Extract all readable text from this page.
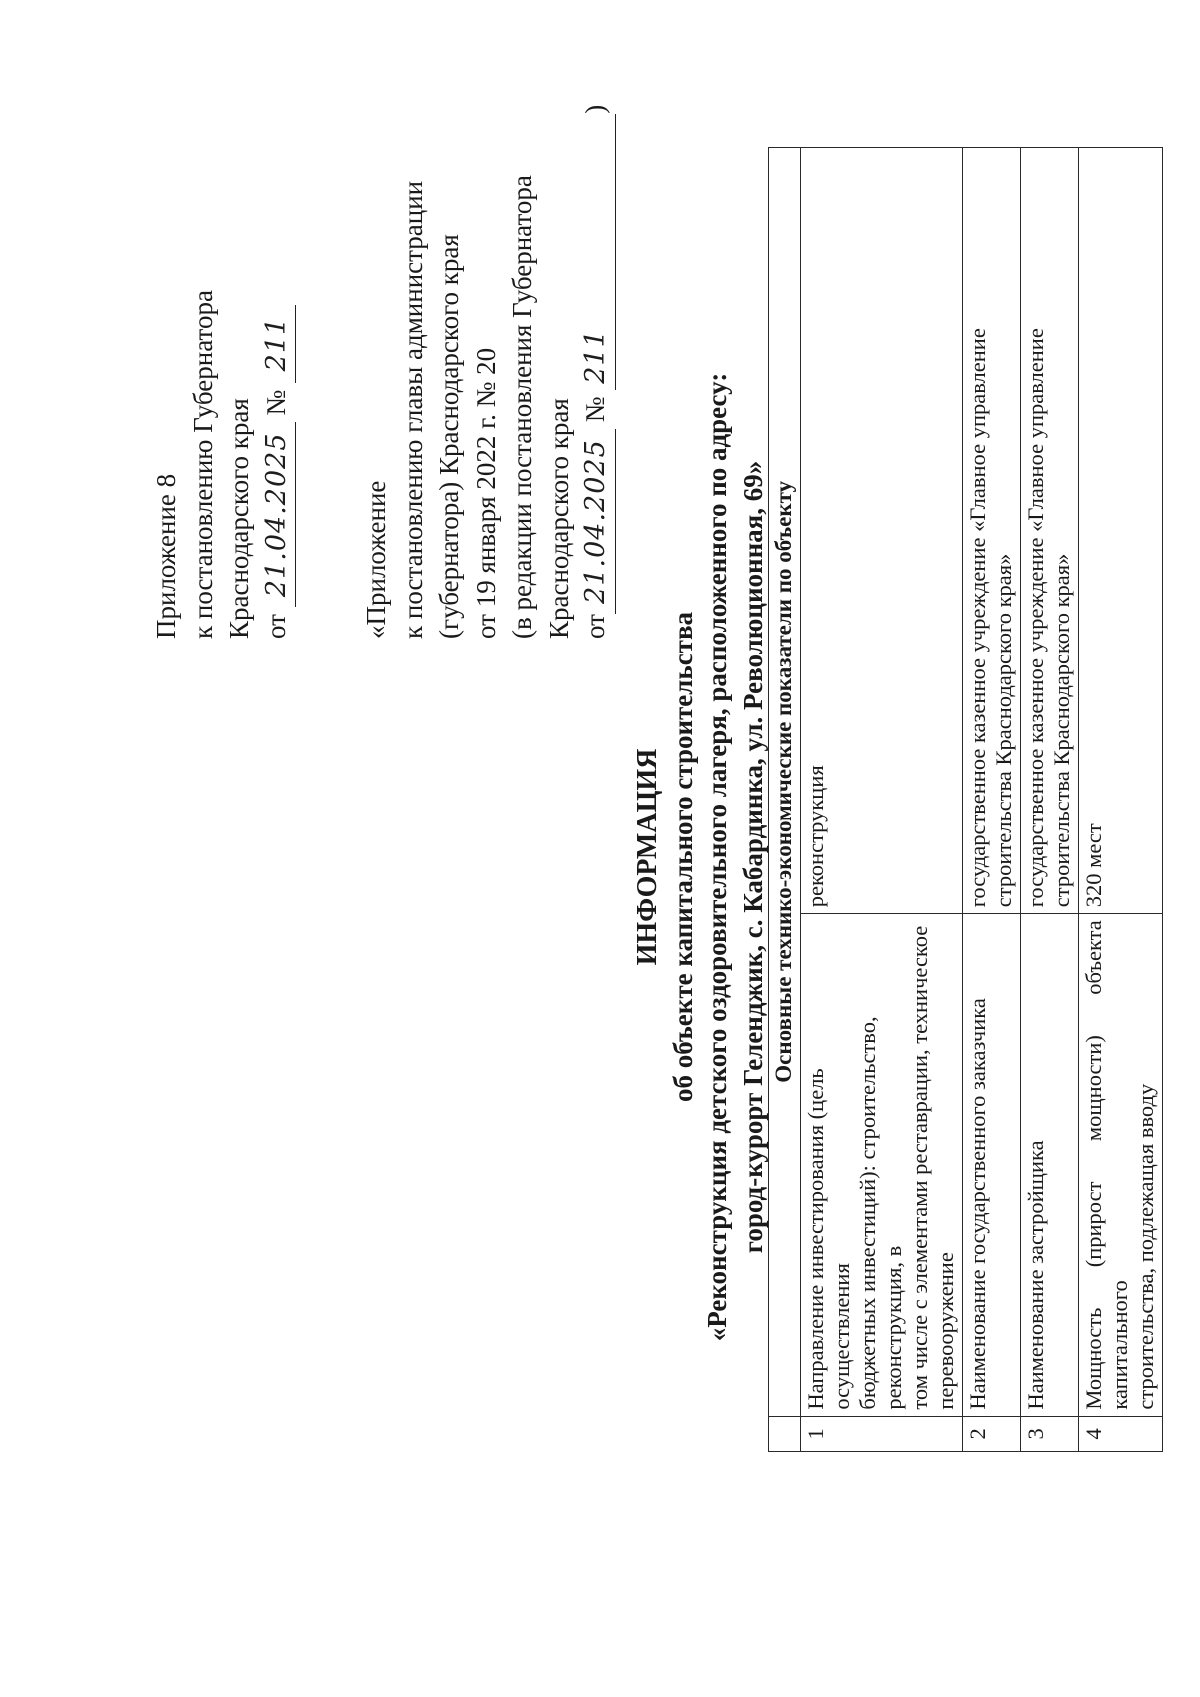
Приложение 8 к постановлению Губернатора Краснодарского края от 21.04.2025 № 211
«Приложение к постановлению главы администрации (губернатора) Краснодарского края от 19 января 2022 г. № 20 (в редакции постановления Губернатора Краснодарского края от21.04.2025 № 211)
ИНФОРМАЦИЯ об объекте капитального строительства «Реконструкция детского оздоровительного лагеря, расположенного по адресу: город-курорт Геленджик, с. Кабардинка, ул. Революционная, 69»
	Основные технико-экономические показатели по объекту	
1	Направление инвестирования (цель осуществления бюджетных инвестиций): строительство, реконструкция, в том числе с элементами реставрации, техническое перевооружение	реконструкция

2	Наименование государственного заказчика	государственное казенное учреждение «Главное управление строительства Краснодарского края»

3	Наименование застройщика	государственное казенное учреждение «Главное управление строительства Краснодарского края»

4	Мощность (прирост мощности) объекта капитального строительства, подлежащая вводу	320 мест
